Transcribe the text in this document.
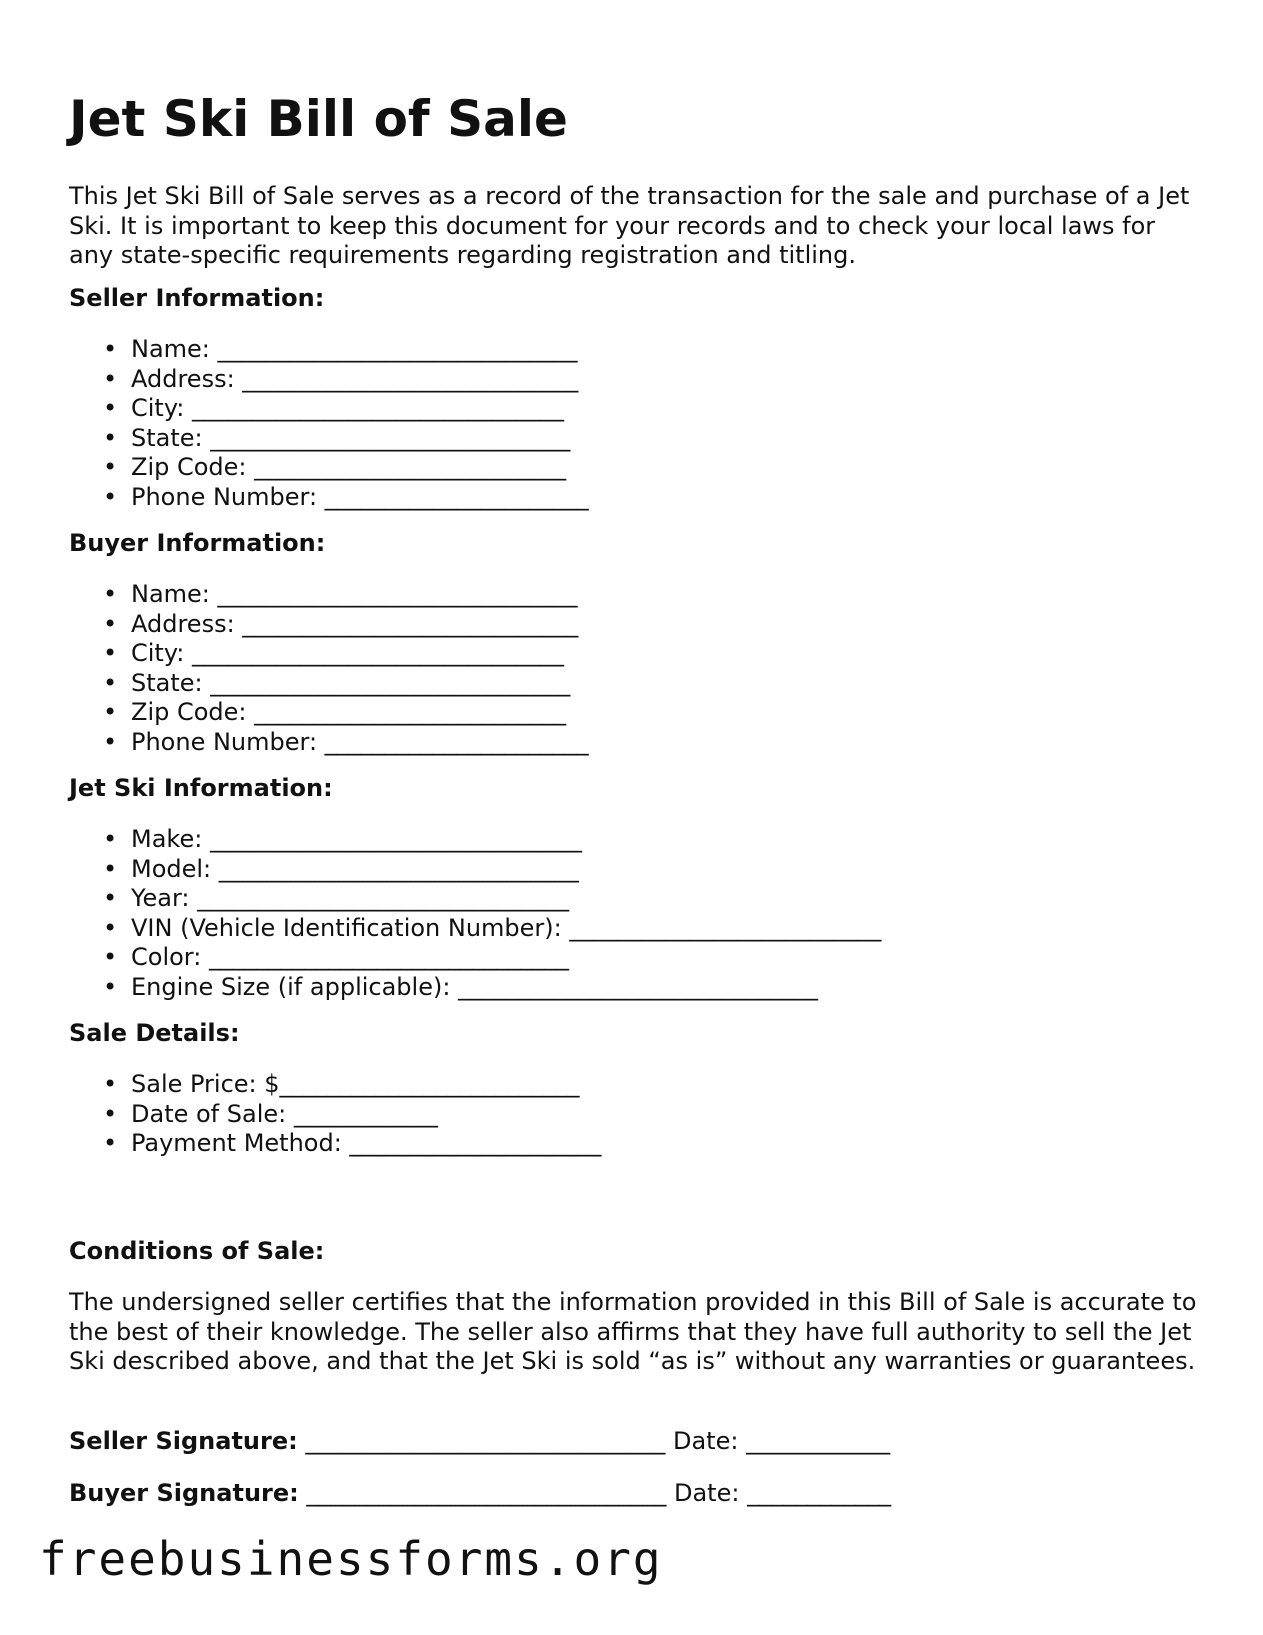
Jet Ski Bill of Sale

This Jet Ski Bill of Sale serves as a record of the transaction for the sale and purchase of a Jet Ski. It is important to keep this document for your records and to check your local laws for any state-specific requirements regarding registration and titling.

Seller Information:
• Name: ______________________________
• Address: ____________________________
• City: _______________________________
• State: ______________________________
• Zip Code: __________________________
• Phone Number: ______________________
Buyer Information:
• Name: ______________________________
• Address: ____________________________
• City: _______________________________
• State: ______________________________
• Zip Code: __________________________
• Phone Number: ______________________
Jet Ski Information:
• Make: _______________________________
• Model: ______________________________
• Year: _______________________________
• VIN (Vehicle Identification Number): __________________________
• Color: ______________________________
• Engine Size (if applicable): ______________________________
Sale Details:
• Sale Price: $_________________________
• Date of Sale: ____________
• Payment Method: _____________________
Conditions of Sale:

The undersigned seller certifies that the information provided in this Bill of Sale is accurate to the best of their knowledge. The seller also affirms that they have full authority to sell the Jet Ski described above, and that the Jet Ski is sold “as is” without any warranties or guarantees.

Seller Signature: ______________________________ Date: ____________
Buyer Signature: ______________________________ Date: ____________
freebusinessforms.org
